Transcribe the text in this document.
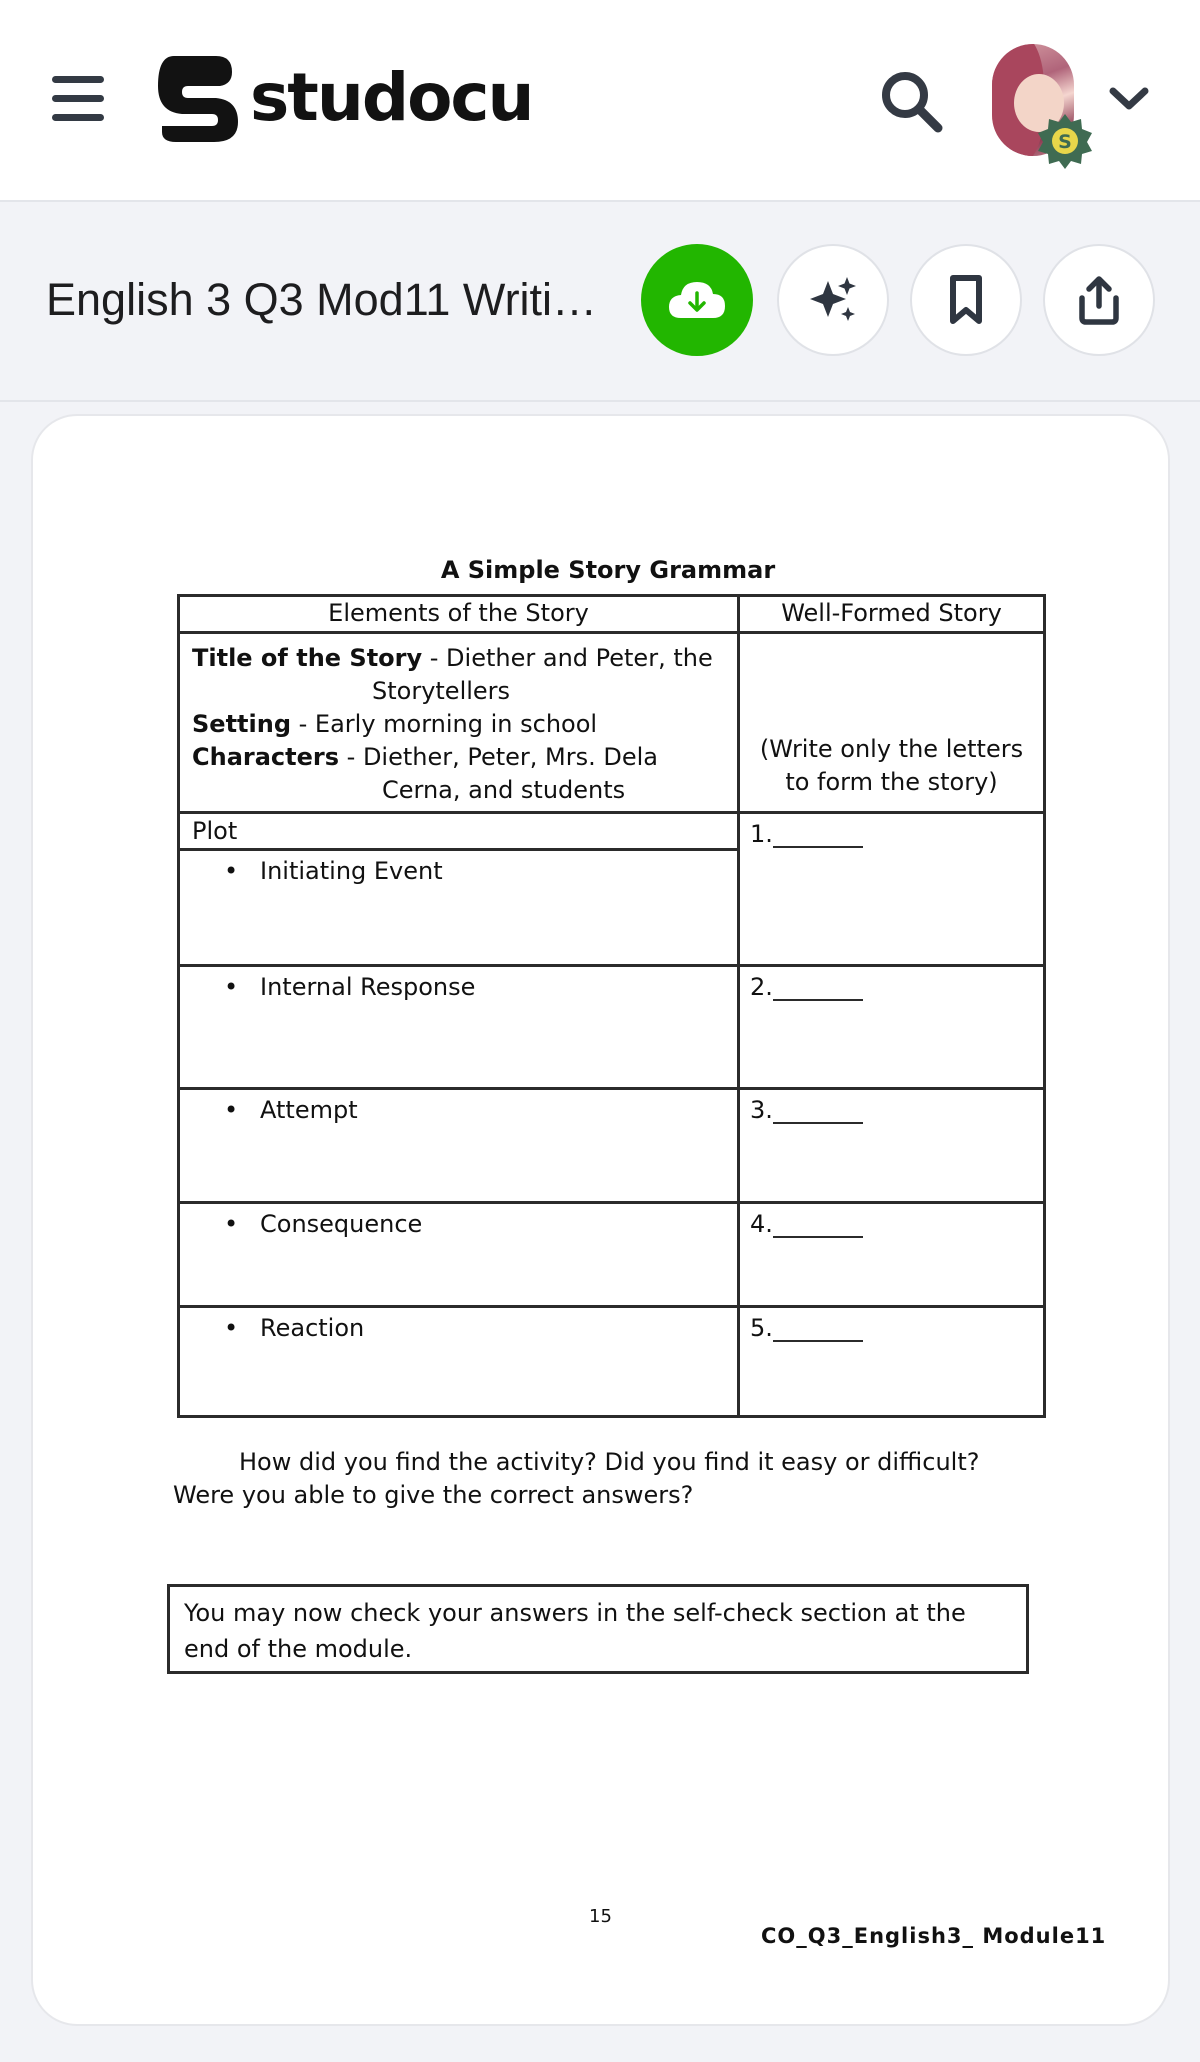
studocu
S
English 3 Q3 Mod11 Writi…
A Simple Story Grammar
Elements of the Story	Well-Formed Story

Title of the Story - Diether and Peter, the
Storytellers
Setting - Early morning in school
Characters - Diether, Peter, Mrs. Dela
Cerna, and students	(Write only the letters to form the story)
Plot	1.
• Initiating Event	
• Internal Response	2.
• Attempt	3.
• Consequence	4.
• Reaction	5.
How did you find the activity? Did you find it easy or difficult?
Were you able to give the correct answers?
You may now check your answers in the self-check section at the end of the module.
15
CO_Q3_English3_ Module11
